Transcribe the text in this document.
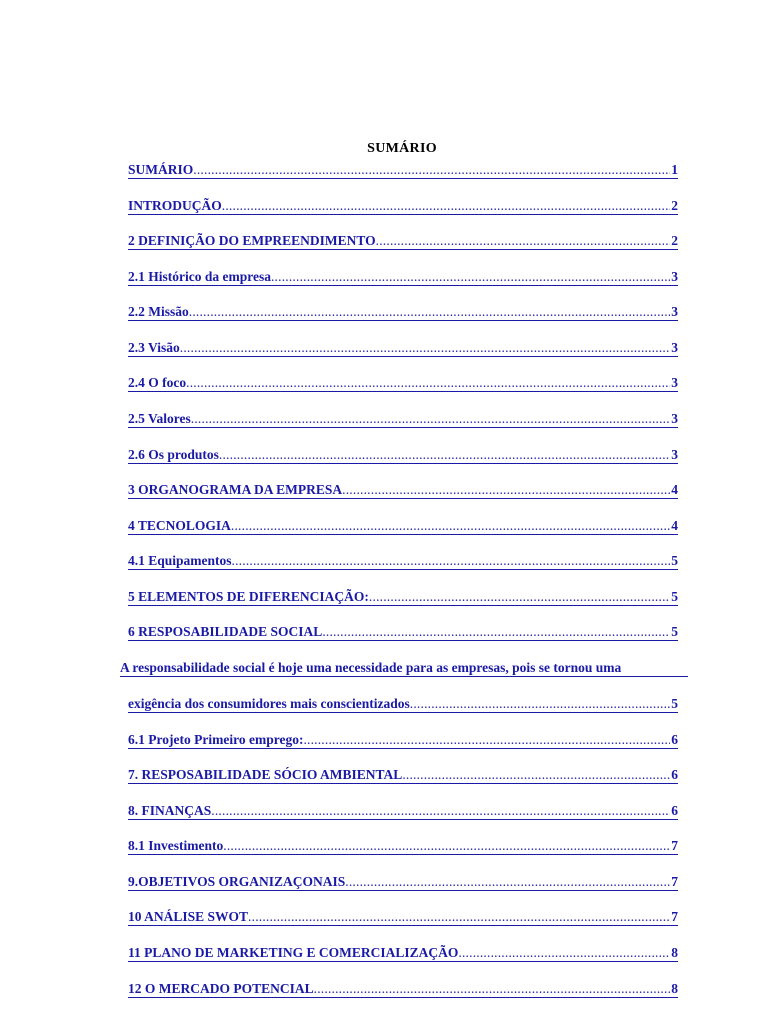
SUMÁRIO
SUMÁRIO .....	1
INTRODUÇÃO .....	2
2 DEFINIÇÃO DO EMPREENDIMENTO .....	2
2.1 Histórico da empresa .....	3
2.2 Missão .....	3
2.3 Visão .....	3
2.4 O foco .....	3
2.5 Valores .....	3
2.6 Os produtos .....	3
3 ORGANOGRAMA DA EMPRESA .....	4
4 TECNOLOGIA .....	4
4.1 Equipamentos .....	5
5 ELEMENTOS DE DIFERENCIAÇÃO: .....	5
6 RESPOSABILIDADE SOCIAL .....	5
A responsabilidade social é hoje uma necessidade para as empresas, pois se tornou uma
exigência dos consumidores mais conscientizados .....	5
6.1 Projeto Primeiro emprego: .....	6
7. RESPOSABILIDADE SÓCIO AMBIENTAL .....	6
8. FINANÇAS .....	6
8.1 Investimento .....	7
9.OBJETIVOS ORGANIZAÇONAIS .....	7
10 ANÁLISE SWOT .....	7
11 PLANO DE MARKETING E COMERCIALIZAÇÃO .....	8
12 O MERCADO POTENCIAL .....	8
